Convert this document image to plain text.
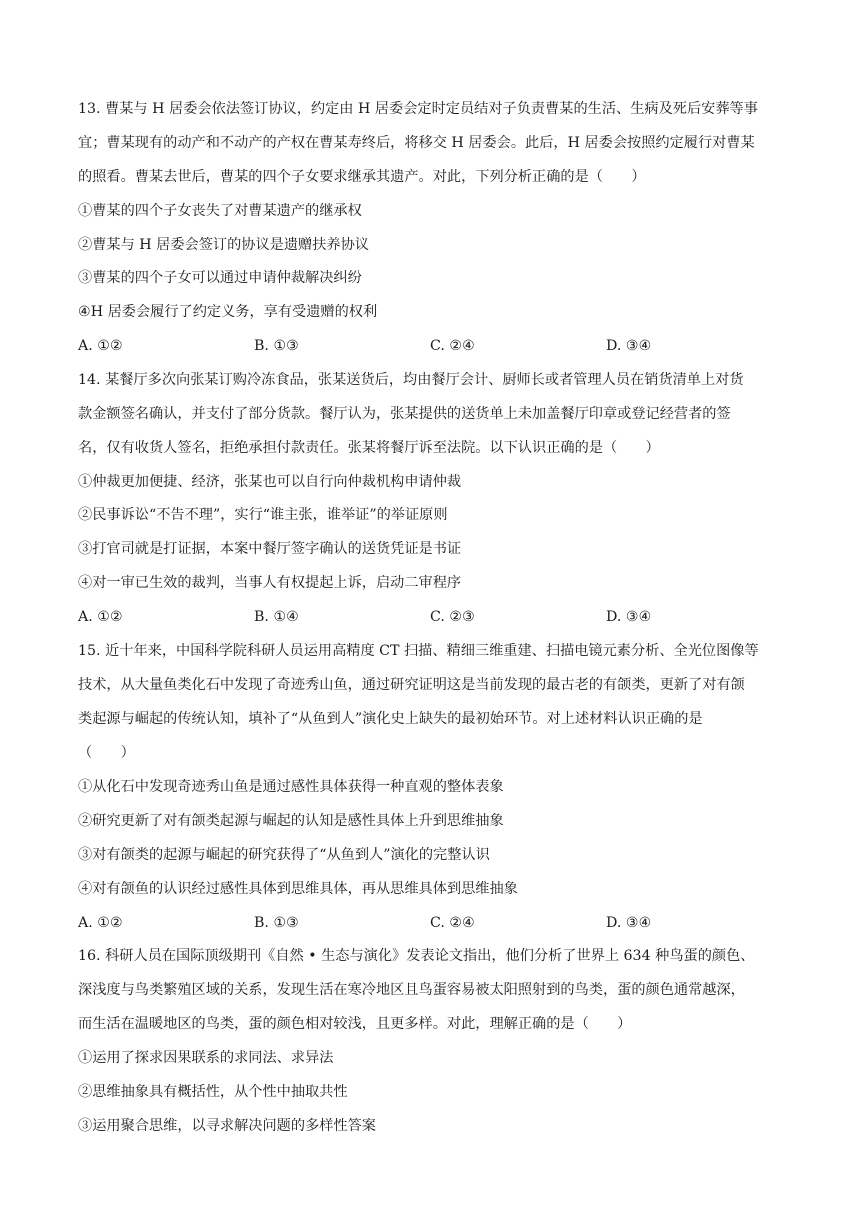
13. 曹某与 H 居委会依法签订协议，约定由 H 居委会定时定员结对子负责曹某的生活、生病及死后安葬等事

宜；曹某现有的动产和不动产的产权在曹某寿终后，将移交 H 居委会。此后，H 居委会按照约定履行对曹某

的照看。曹某去世后，曹某的四个子女要求继承其遗产。对此，下列分析正确的是（　　）

①曹某的四个子女丧失了对曹某遗产的继承权

②曹某与 H 居委会签订的协议是遗赠扶养协议

③曹某的四个子女可以通过申请仲裁解决纠纷

④H 居委会履行了约定义务，享有受遗赠的权利

A. ①②	B. ①③	C. ②④	D. ③④

14. 某餐厅多次向张某订购冷冻食品，张某送货后，均由餐厅会计、厨师长或者管理人员在销货清单上对货

款金额签名确认，并支付了部分货款。餐厅认为，张某提供的送货单上未加盖餐厅印章或登记经营者的签

名，仅有收货人签名，拒绝承担付款责任。张某将餐厅诉至法院。以下认识正确的是（　　）

①仲裁更加便捷、经济，张某也可以自行向仲裁机构申请仲裁

②民事诉讼“不告不理”，实行“谁主张，谁举证”的举证原则

③打官司就是打证据，本案中餐厅签字确认的送货凭证是书证

④对一审已生效的裁判，当事人有权提起上诉，启动二审程序

A. ①②	B. ①④	C. ②③	D. ③④

15. 近十年来，中国科学院科研人员运用高精度 CT 扫描、精细三维重建、扫描电镜元素分析、全光位图像等

技术，从大量鱼类化石中发现了奇迹秀山鱼，通过研究证明这是当前发现的最古老的有颌类，更新了对有颌

类起源与崛起的传统认知，填补了“从鱼到人”演化史上缺失的最初始环节。对上述材料认识正确的是

（　　）

①从化石中发现奇迹秀山鱼是通过感性具体获得一种直观的整体表象

②研究更新了对有颌类起源与崛起的认知是感性具体上升到思维抽象

③对有颌类的起源与崛起的研究获得了“从鱼到人”演化的完整认识

④对有颌鱼的认识经过感性具体到思维具体，再从思维具体到思维抽象

A. ①②	B. ①③	C. ②④	D. ③④

16. 科研人员在国际顶级期刊《自然 • 生态与演化》发表论文指出，他们分析了世界上 634 种鸟蛋的颜色、

深浅度与鸟类繁殖区域的关系，发现生活在寒冷地区且鸟蛋容易被太阳照射到的鸟类，蛋的颜色通常越深，

而生活在温暖地区的鸟类，蛋的颜色相对较浅，且更多样。对此，理解正确的是（　　）

①运用了探求因果联系的求同法、求异法

②思维抽象具有概括性，从个性中抽取共性

③运用聚合思维，以寻求解决问题的多样性答案
